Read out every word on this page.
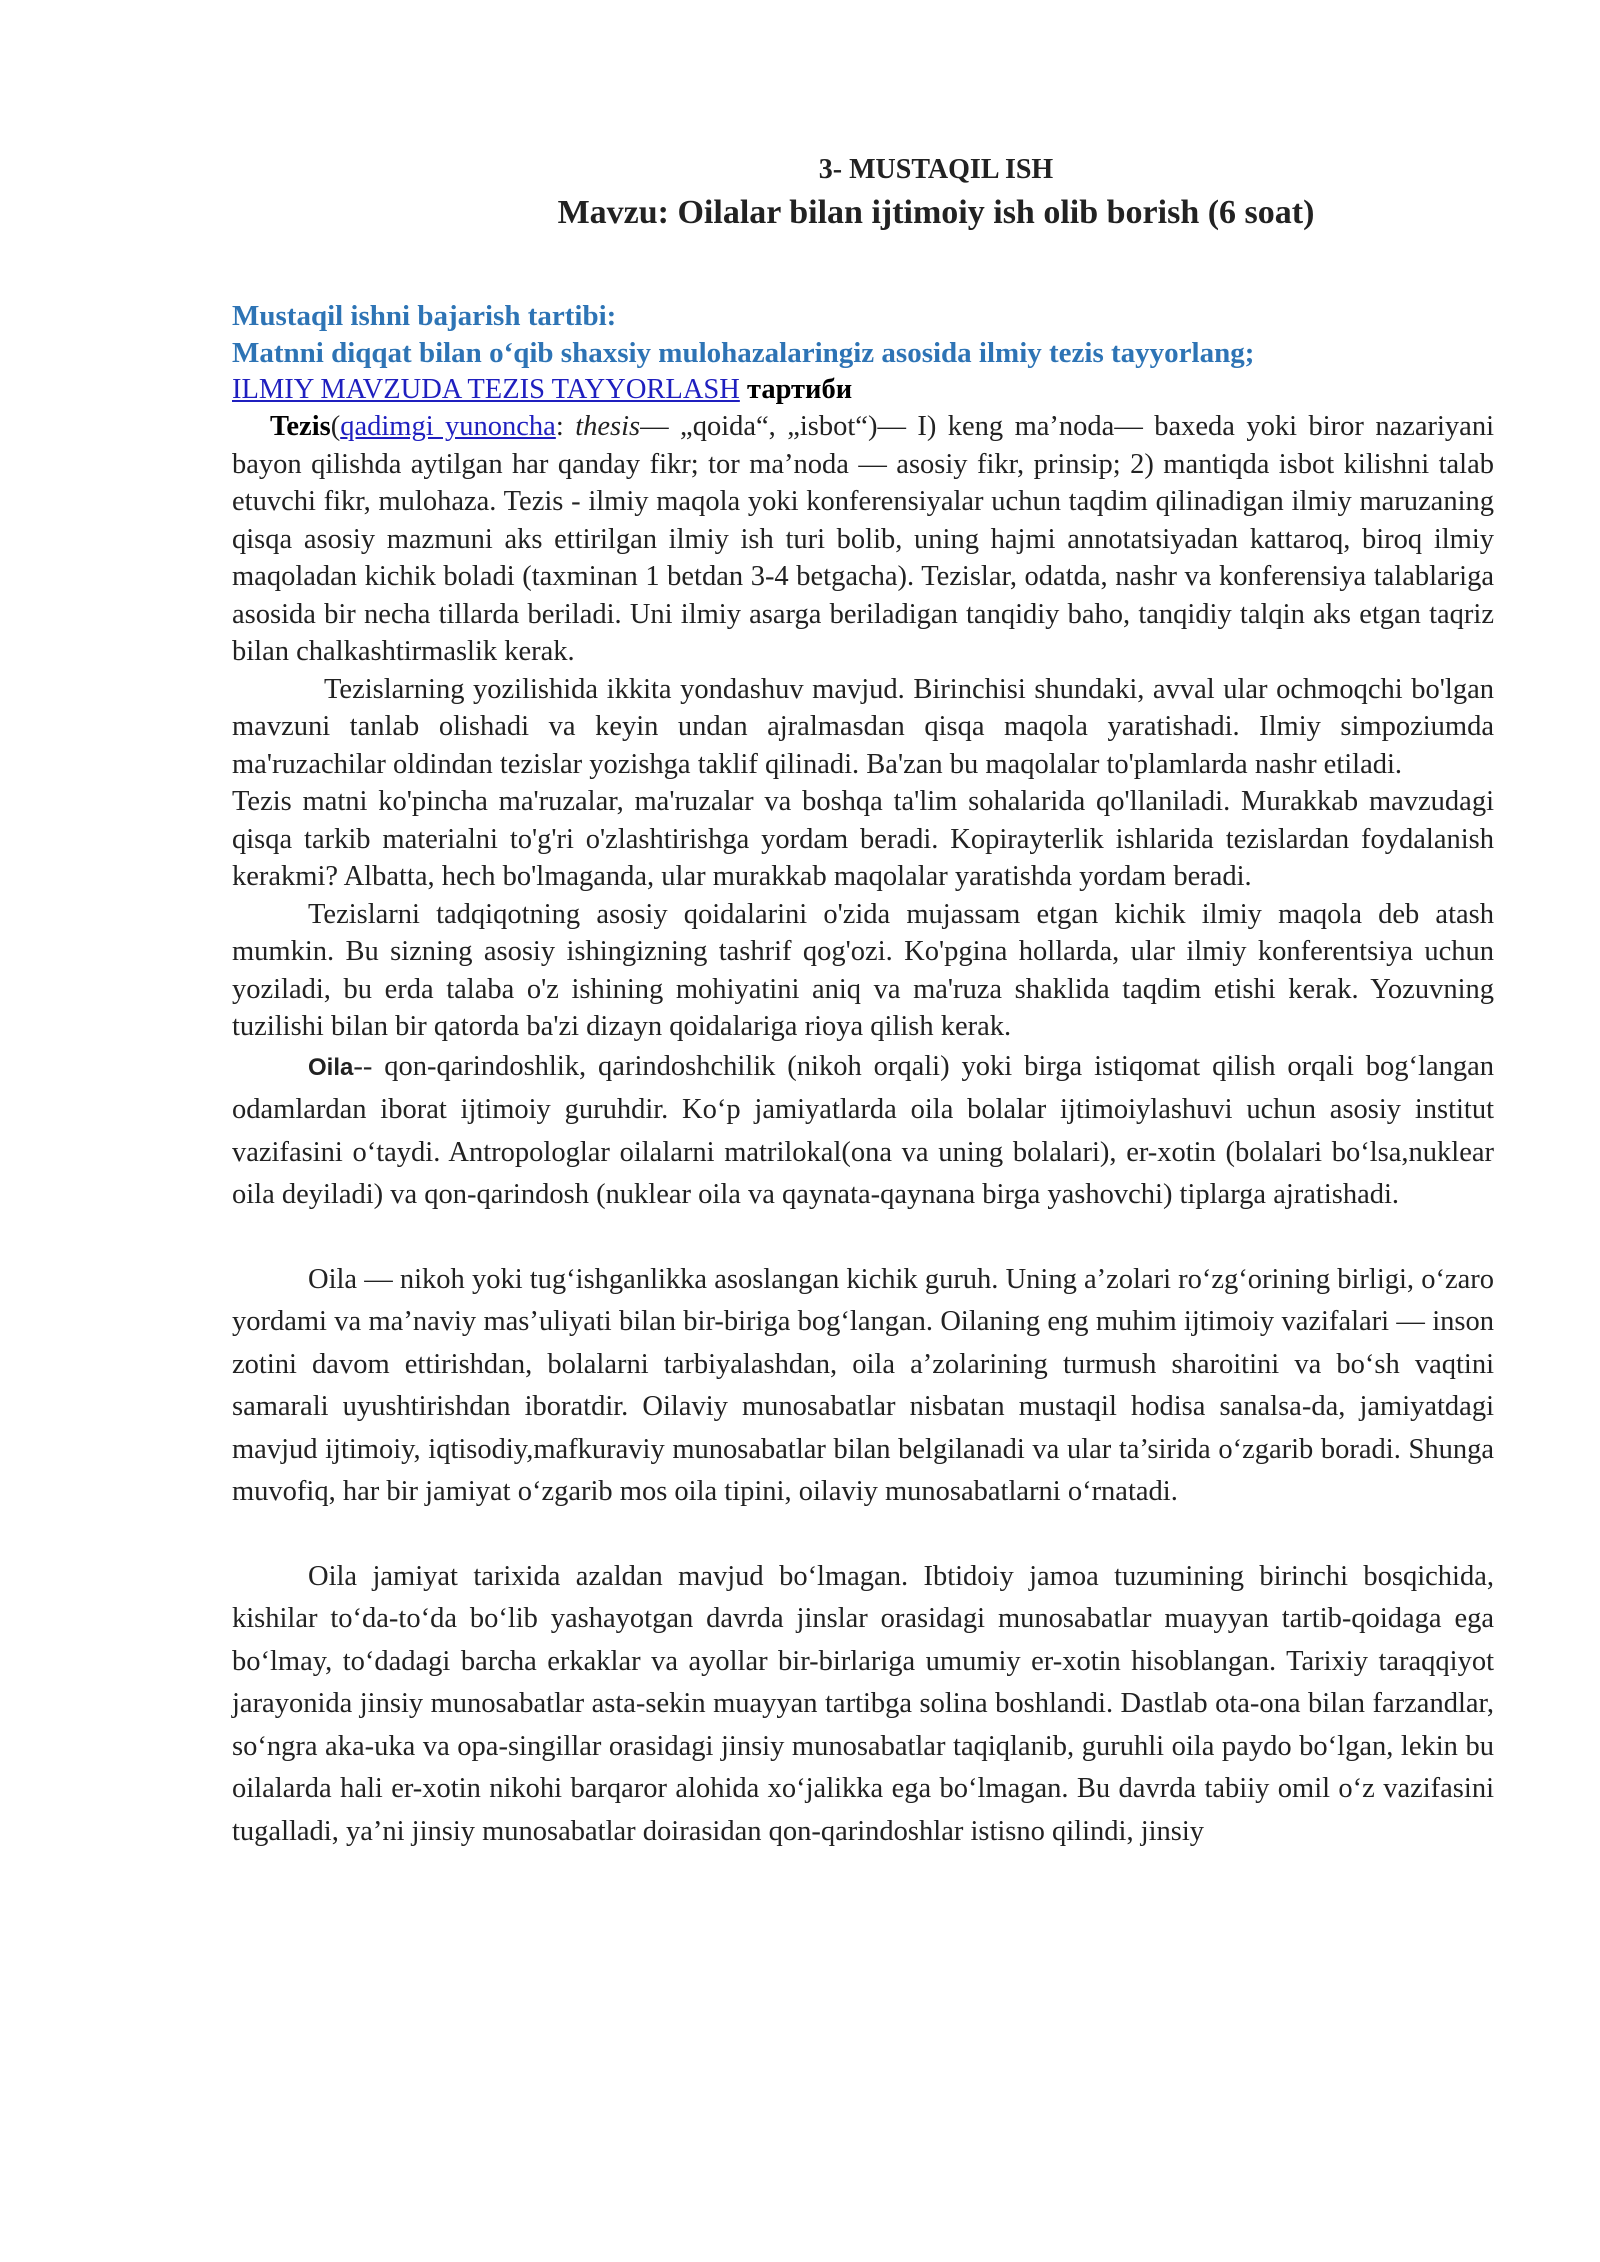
3- MUSTAQIL ISH
Mavzu: Oilalar bilan ijtimoiy ish olib borish (6 soat)
Mustaqil ishni bajarish tartibi:
Matnni diqqat bilan o‘qib shaxsiy mulohazalaringiz asosida ilmiy tezis tayyorlang;
ILMIY MAVZUDA TEZIS TAYYORLASH тартиби

Tezis(qadimgi yunoncha: thesis— „qoida“, „isbot“)— I) keng ma’noda— baxeda yoki biror nazariyani bayon qilishda aytilgan har qanday fikr; tor ma’noda — asosiy fikr, prinsip; 2) mantiqda isbot kilishni talab etuvchi fikr, mulohaza. Tezis - ilmiy maqola yoki konferensiyalar uchun taqdim qilinadigan ilmiy maruzaning qisqa asosiy mazmuni aks ettirilgan ilmiy ish turi bolib, uning hajmi annotatsiyadan kattaroq, biroq ilmiy maqoladan kichik boladi (taxminan 1 betdan 3-4 betgacha). Tezislar, odatda, nashr va konferensiya talablariga asosida bir necha tillarda beriladi. Uni ilmiy asarga beriladigan tanqidiy baho, tanqidiy talqin aks etgan taqriz bilan chalkashtirmaslik kerak.

Tezislarning yozilishida ikkita yondashuv mavjud. Birinchisi shundaki, avval ular ochmoqchi bo'lgan mavzuni tanlab olishadi va keyin undan ajralmasdan qisqa maqola yaratishadi. Ilmiy simpoziumda ma'ruzachilar oldindan tezislar yozishga taklif qilinadi. Ba'zan bu maqolalar to'plamlarda nashr etiladi.

Tezis matni ko'pincha ma'ruzalar, ma'ruzalar va boshqa ta'lim sohalarida qo'llaniladi. Murakkab mavzudagi qisqa tarkib materialni to'g'ri o'zlashtirishga yordam beradi. Kopirayterlik ishlarida tezislardan foydalanish kerakmi? Albatta, hech bo'lmaganda, ular murakkab maqolalar yaratishda yordam beradi.

Tezislarni tadqiqotning asosiy qoidalarini o'zida mujassam etgan kichik ilmiy maqola deb atash mumkin. Bu sizning asosiy ishingizning tashrif qog'ozi. Ko'pgina hollarda, ular ilmiy konferentsiya uchun yoziladi, bu erda talaba o'z ishining mohiyatini aniq va ma'ruza shaklida taqdim etishi kerak. Yozuvning tuzilishi bilan bir qatorda ba'zi dizayn qoidalariga rioya qilish kerak.

Oila-- qon-qarindoshlik, qarindoshchilik (nikoh orqali) yoki birga istiqomat qilish orqali bog‘langan odamlardan iborat ijtimoiy guruhdir. Ko‘p jamiyatlarda oila bolalar ijtimoiylashuvi uchun asosiy institut vazifasini o‘taydi. Antropologlar oilalarni matrilokal(ona va uning bolalari), er-xotin (bolalari bo‘lsa,nuklear oila deyiladi) va qon-qarindosh (nuklear oila va qaynata-qaynana birga yashovchi) tiplarga ajratishadi.

Oila — nikoh yoki tug‘ishganlikka asoslangan kichik guruh. Uning a’zolari ro‘zg‘orining birligi, o‘zaro yordami va ma’naviy mas’uliyati bilan bir-biriga bog‘langan. Oilaning eng muhim ijtimoiy vazifalari — inson zotini davom ettirishdan, bolalarni tarbiyalashdan, oila a’zolarining turmush sharoitini va bo‘sh vaqtini samarali uyushtirishdan iboratdir. Oilaviy munosabatlar nisbatan mustaqil hodisa sanalsa-da, jamiyatdagi mavjud ijtimoiy, iqtisodiy,mafkuraviy munosabatlar bilan belgilanadi va ular ta’sirida o‘zgarib boradi. Shunga muvofiq, har bir jamiyat o‘zgarib mos oila tipini, oilaviy munosabatlarni o‘rnatadi.

Oila jamiyat tarixida azaldan mavjud bo‘lmagan. Ibtidoiy jamoa tuzumining birinchi bosqichida, kishilar to‘da-to‘da bo‘lib yashayotgan davrda jinslar orasidagi munosabatlar muayyan tartib-qoidaga ega bo‘lmay, to‘dadagi barcha erkaklar va ayollar bir-birlariga umumiy er-xotin hisoblangan. Tarixiy taraqqiyot jarayonida jinsiy munosabatlar asta-sekin muayyan tartibga solina boshlandi. Dastlab ota-ona bilan farzandlar, so‘ngra aka-uka va opa-singillar orasidagi jinsiy munosabatlar taqiqlanib, guruhli oila paydo bo‘lgan, lekin bu oilalarda hali er-xotin nikohi barqaror alohida xo‘jalikka ega bo‘lmagan. Bu davrda tabiiy omil o‘z vazifasini tugalladi, ya’ni jinsiy munosabatlar doirasidan qon-qarindoshlar istisno qilindi, jinsiy
